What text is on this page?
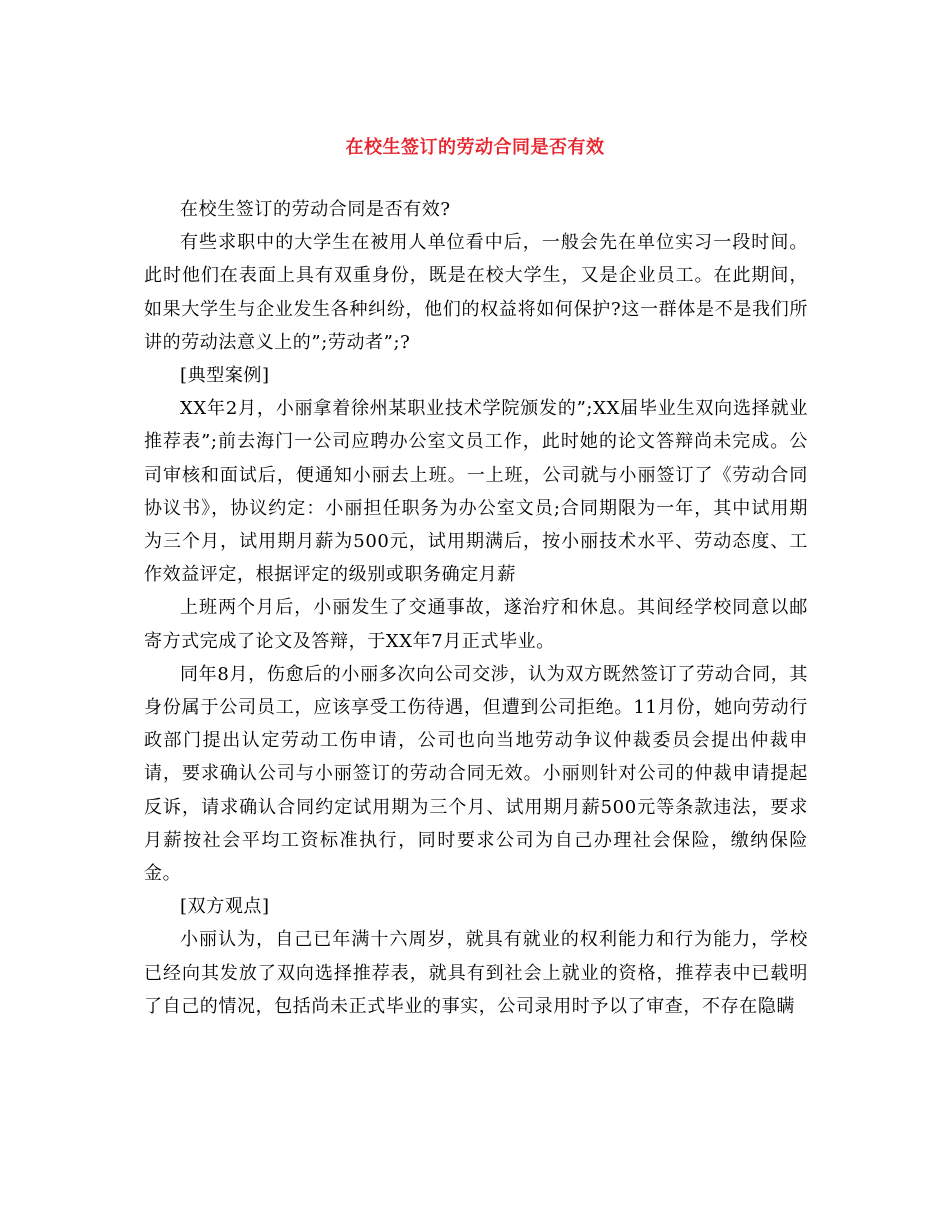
在校生签订的劳动合同是否有效

在校生签订的劳动合同是否有效?

有些求职中的大学生在被用人单位看中后，一般会先在单位实习一段时间。此时他们在表面上具有双重身份，既是在校大学生，又是企业员工。在此期间，如果大学生与企业发生各种纠纷，他们的权益将如何保护?这一群体是不是我们所讲的劳动法意义上的”;劳动者”;?

[典型案例]

XX年2月，小丽拿着徐州某职业技术学院颁发的”;XX届毕业生双向选择就业推荐表”;前去海门一公司应聘办公室文员工作，此时她的论文答辩尚未完成。公司审核和面试后，便通知小丽去上班。一上班，公司就与小丽签订了《劳动合同协议书》，协议约定：小丽担任职务为办公室文员;合同期限为一年，其中试用期为三个月，试用期月薪为500元，试用期满后，按小丽技术水平、劳动态度、工作效益评定，根据评定的级别或职务确定月薪

上班两个月后，小丽发生了交通事故，遂治疗和休息。其间经学校同意以邮寄方式完成了论文及答辩，于XX年7月正式毕业。

同年8月，伤愈后的小丽多次向公司交涉，认为双方既然签订了劳动合同，其身份属于公司员工，应该享受工伤待遇，但遭到公司拒绝。11月份，她向劳动行政部门提出认定劳动工伤申请，公司也向当地劳动争议仲裁委员会提出仲裁申请，要求确认公司与小丽签订的劳动合同无效。小丽则针对公司的仲裁申请提起反诉，请求确认合同约定试用期为三个月、试用期月薪500元等条款违法，要求月薪按社会平均工资标准执行，同时要求公司为自己办理社会保险，缴纳保险金。

[双方观点]

小丽认为，自己已年满十六周岁，就具有就业的权利能力和行为能力，学校已经向其发放了双向选择推荐表，就具有到社会上就业的资格，推荐表中已载明了自己的情况，包括尚未正式毕业的事实，公司录用时予以了审查，不存在隐瞒
